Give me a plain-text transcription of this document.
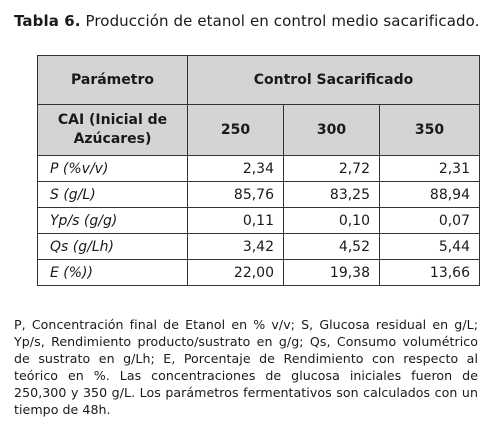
Tabla 6. Producción de etanol en control medio sacarificado.
Parámetro	Control Sacarificado		
CAI (Inicial de Azúcares)	250	300	350
P (%v/v)	2,34	2,72	2,31
S (g/L)	85,76	83,25	88,94
Yp/s (g/g)	0,11	0,10	0,07
Qs (g/Lh)	3,42	4,52	5,44
E (%))	22,00	19,38	13,66
P, Concentración final de Etanol en % v/v; S, Glucosa residual en g/L; Yp/s, Rendimiento producto/sustrato en g/g; Qs, Consumo volumétrico de sustrato en g/Lh; E, Porcentaje de Rendimiento con respecto al teórico en %. Las concentraciones de glucosa iniciales fueron de 250,300 y 350 g/L. Los parámetros fermentativos son calculados con un tiempo de 48h.
